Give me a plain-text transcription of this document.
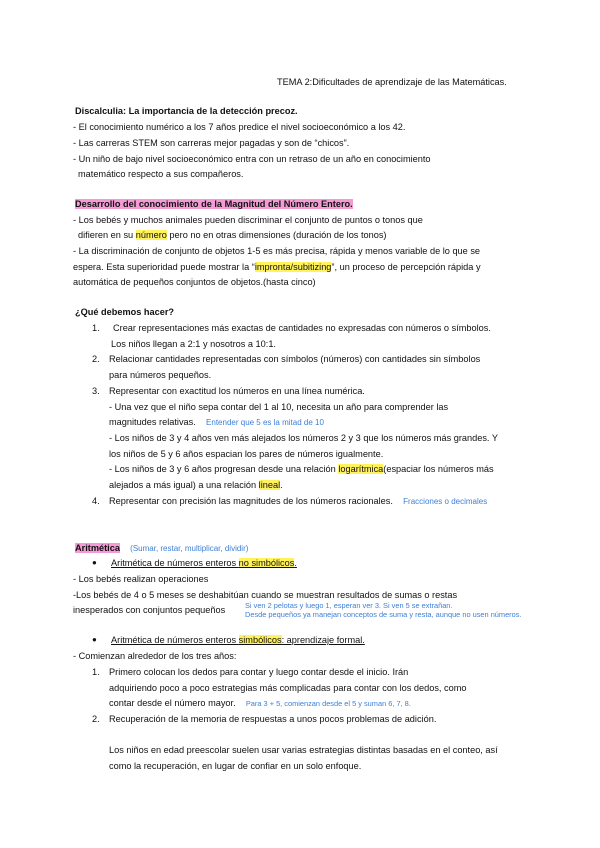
TEMA 2:Dificultades de aprendizaje de las Matemáticas.
Discalculia: La importancia de la detección precoz.
- El conocimiento numérico a los 7 años predice el nivel socioeconómico a los 42.
- Las carreras STEM son carreras mejor pagadas y son de “chicos”.
- Un niño de bajo nivel socioeconómico entra con un retraso de un año en conocimiento
matemático respecto a sus compañeros.
Desarrollo del conocimiento de la Magnitud del Número Entero.
- Los bebés y muchos animales pueden discriminar el conjunto de puntos o tonos que
difieren en su número pero no en otras dimensiones (duración de los tonos)
- La discriminación de conjunto de objetos 1-5 es más precisa, rápida y menos variable de lo que se
espera. Esta superioridad puede mostrar la “impronta/subitizing”, un proceso de percepción rápida y
automática de pequeños conjuntos de objetos.(hasta cinco)
¿Qué debemos hacer?
1. Crear representaciones más exactas de cantidades no expresadas con números o símbolos.
Los niños llegan a 2:1 y nosotros a 10:1.
2. Relacionar cantidades representadas con símbolos (números) con cantidades sin símbolos
para números pequeños.
3. Representar con exactitud los números en una línea numérica.
- Una vez que el niño sepa contar del 1 al 10, necesita un año para comprender las
magnitudes relativas. Entender que 5 es la mitad de 10
- Los niños de 3 y 4 años ven más alejados los números 2 y 3 que los números más grandes. Y
los niños de 5 y 6 años espacian los pares de números igualmente.
- Los niños de 3 y 6 años progresan desde una relación logarítmica(espaciar los números más
alejados a más igual) a una relación lineal.
4. Representar con precisión las magnitudes de los números racionales. Fracciones o decimales
Aritmética (Sumar, restar, multiplicar, dividir)
● Aritmética de números enteros no simbólicos.
- Los bebés realizan operaciones
-Los bebés de 4 o 5 meses se deshabitúan cuando se muestran resultados de sumas o restas
inesperados con conjuntos pequeños	Si ven 2 pelotas y luego 1, esperan ver 3. Si ven 5 se extrañan.
Desde pequeños ya manejan conceptos de suma y resta, aunque no usen números.
● Aritmética de números enteros simbólicos: aprendizaje formal.
- Comienzan alrededor de los tres años:
1. Primero colocan los dedos para contar y luego contar desde el inicio. Irán
adquiriendo poco a poco estrategias más complicadas para contar con los dedos, como
contar desde el número mayor. Para 3 + 5, comienzan desde el 5 y suman 6, 7, 8.
2. Recuperación de la memoria de respuestas a unos pocos problemas de adición.
Los niños en edad preescolar suelen usar varias estrategias distintas basadas en el conteo, así
como la recuperación, en lugar de confiar en un solo enfoque.
